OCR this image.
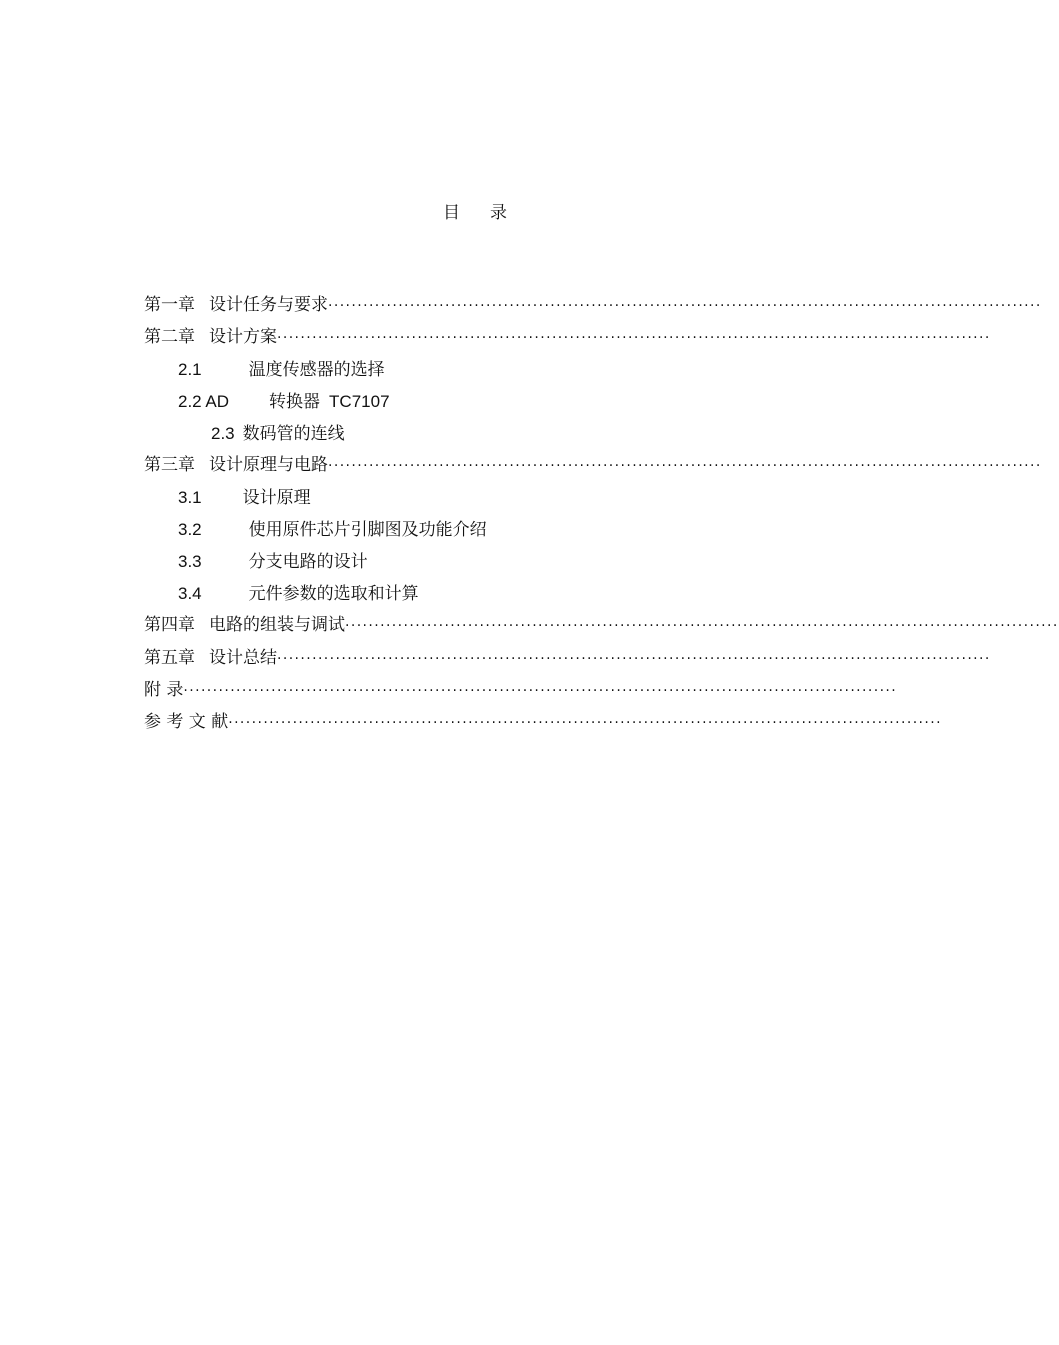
目 录
第一章 设计任务与要求··························································································································
第二章 设计方案··························································································································
2.1	温度传感器的选择
2.2 AD 转换器 TC7107
2.3 数码管的连线
第三章 设计原理与电路··························································································································
3.1 设计原理
3.2	使用原件芯片引脚图及功能介绍
3.3	分支电路的设计
3.4	元件参数的选取和计算
第四章 电路的组装与调试··························································································································
第五章 设计总结··························································································································
附 录··························································································································
参 考 文 献··························································································································
